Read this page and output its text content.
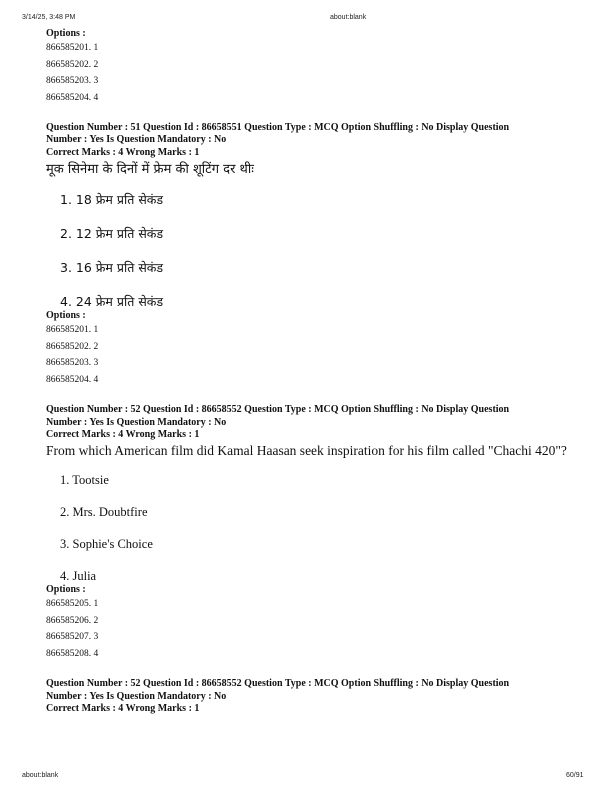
3/14/25, 3:48 PM	about:blank
Options :
866585201. 1
866585202. 2
866585203. 3
866585204. 4
Question Number : 51 Question Id : 86658551 Question Type : MCQ Option Shuffling : No Display Question
Number : Yes Is Question Mandatory : No
Correct Marks : 4 Wrong Marks : 1
मूक सिनेमा के दिनों में फ्रेम की शूटिंग दर थीः
1. 18 फ्रेम प्रति सेकंड
2. 12 फ्रेम प्रति सेकंड
3. 16 फ्रेम प्रति सेकंड
4. 24 फ्रेम प्रति सेकंड
Options :
866585201. 1
866585202. 2
866585203. 3
866585204. 4
Question Number : 52 Question Id : 86658552 Question Type : MCQ Option Shuffling : No Display Question
Number : Yes Is Question Mandatory : No
Correct Marks : 4 Wrong Marks : 1
From which American film did Kamal Haasan seek inspiration for his film called "Chachi 420"?
1. Tootsie
2. Mrs. Doubtfire
3. Sophie's Choice
4. Julia
Options :
866585205. 1
866585206. 2
866585207. 3
866585208. 4
Question Number : 52 Question Id : 86658552 Question Type : MCQ Option Shuffling : No Display Question
Number : Yes Is Question Mandatory : No
Correct Marks : 4 Wrong Marks : 1
about:blank	60/91
